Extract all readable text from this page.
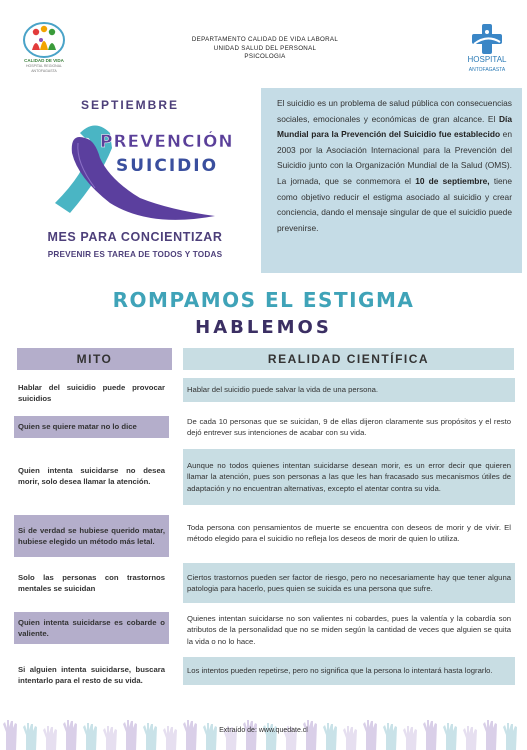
CALIDAD DE VIDA
HOSPITAL REGIONAL ANTOFAGASTA
DEPARTAMENTO CALIDAD DE VIDA LABORAL
UNIDAD SALUD DEL PERSONAL
PSICOLOGIA	HOSPITAL
ANTOFAGASTA
SEPTIEMBRE
PREVENCIÓN
SUICIDIO
MES PARA CONCIENTIZAR
PREVENIR ES TAREA DE TODOS Y TODAS
El suicidio es un problema de salud pública con consecuencias sociales, emocionales y económicas de gran alcance. El Día Mundial para la Prevención del Suicidio fue establecido en 2003 por la Asociación Internacional para la Prevención del Suicidio junto con la Organización Mundial de la Salud (OMS). La jornada, que se conmemora el 10 de septiembre, tiene como objetivo reducir el estigma asociado al suicidio y crear conciencia, dando el mensaje singular de que el suicidio puede prevenirse.
ROMPAMOS EL ESTIGMA
HABLEMOS
MITO	REALIDAD CIENTÍFICA
Hablar del suicidio puede provocar suicidios
Hablar del suicidio puede salvar la vida de una persona.
Quien se quiere matar no lo dice
De cada 10 personas que se suicidan, 9 de ellas dijeron claramente sus propósitos y el resto dejó entrever sus intenciones de acabar con su vida.
Quien intenta suicidarse no desea morir, solo desea llamar la atención.
Aunque no todos quienes intentan suicidarse desean morir, es un error decir que quieren llamar la atención, pues son personas a las que les han fracasado sus mecanismos útiles de adaptación y no encuentran alternativas, excepto el atentar contra su vida.
Si de verdad se hubiese querido matar, hubiese elegido un método más letal.
Toda persona con pensamientos de muerte se encuentra con deseos de morir y de vivir. El método elegido para el suicidio no refleja los deseos de morir de quien lo utiliza.
Solo las personas con trastornos mentales se suicidan
Ciertos trastornos pueden ser factor de riesgo, pero no necesariamente hay que tener alguna patologia para hacerlo, pues quien se suicida es una persona que sufre.
Quien intenta suicidarse es cobarde o valiente.
Quienes intentan suicidarse no son valientes ni cobardes, pues la valentía y la cobardía son atributos de la personalidad que no se miden según la cantidad de veces que alguien se quita la vida o no lo hace.
Si alguien intenta suicidarse, buscara intentarlo para el resto de su vida.
Los intentos pueden repetirse, pero no significa que la persona lo intentará hasta lograrlo.
Extraído de: www.quedate.cl
